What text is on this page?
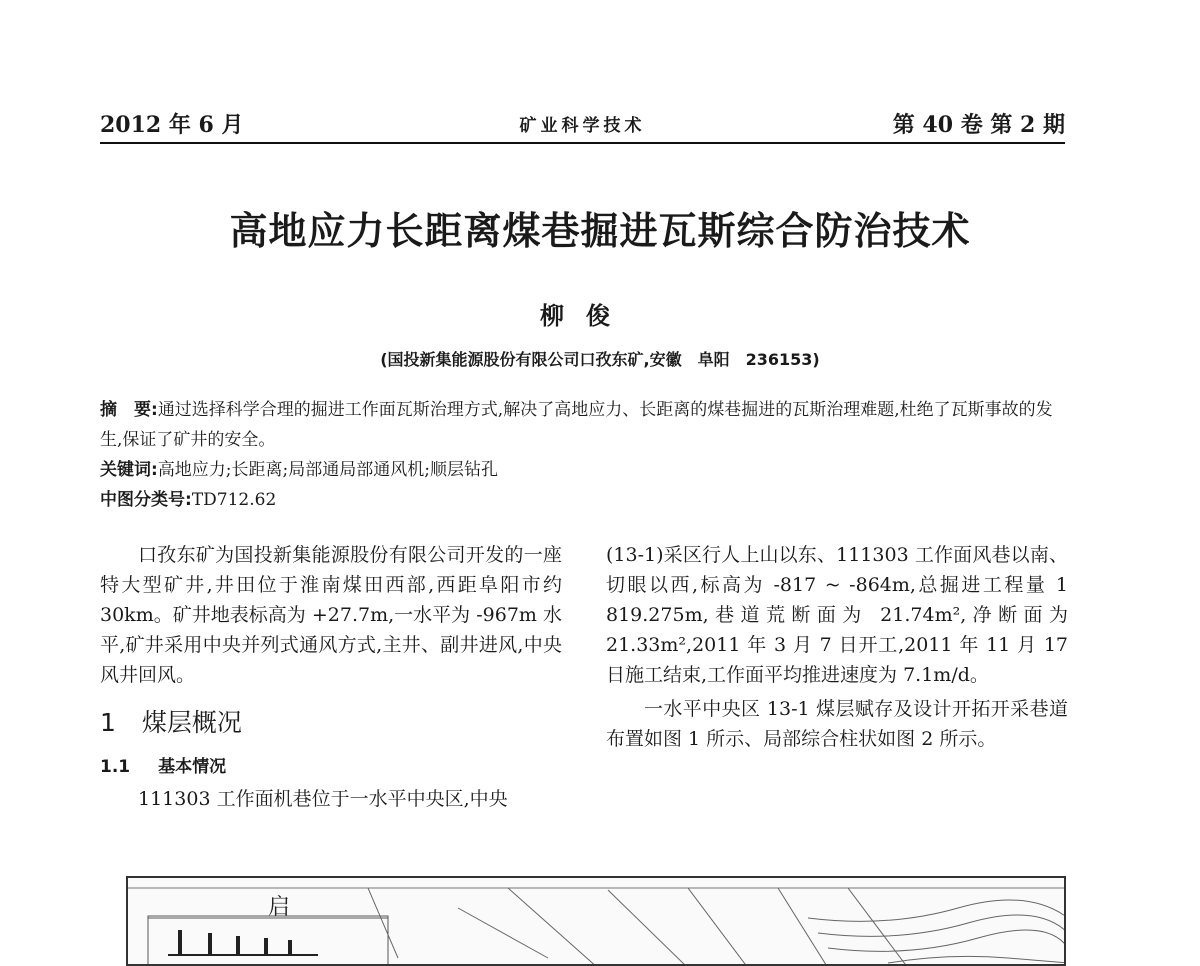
2012 年 6 月	矿业科学技术	第 40 卷 第 2 期
高地应力长距离煤巷掘进瓦斯综合防治技术
柳俊
(国投新集能源股份有限公司口孜东矿,安徽　阜阳　236153)

摘　要:通过选择科学合理的掘进工作面瓦斯治理方式,解决了高地应力、长距离的煤巷掘进的瓦斯治理难题,杜绝了瓦斯事故的发生,保证了矿井的安全。

关键词:高地应力;长距离;局部通局部通风机;顺层钻孔

中图分类号:TD712.62

口孜东矿为国投新集能源股份有限公司开发的一座特大型矿井,井田位于淮南煤田西部,西距阜阳市约 30km。矿井地表标高为 +27.7m,一水平为 -967m 水平,矿井采用中央并列式通风方式,主井、副井进风,中央风井回风。

1 煤层概况

1.1 基本情况

111303 工作面机巷位于一水平中央区,中央

(13-1)采区行人上山以东、111303 工作面风巷以南、切眼以西,标高为 -817 ~ -864m,总掘进工程量 1 819.275m,巷道荒断面为 21.74m²,净断面为 21.33m²,2011 年 3 月 7 日开工,2011 年 11 月 17 日施工结束,工作面平均推进速度为 7.1m/d。

一水平中央区 13-1 煤层赋存及设计开拓开采巷道布置如图 1 所示、局部综合柱状如图 2 所示。

启
